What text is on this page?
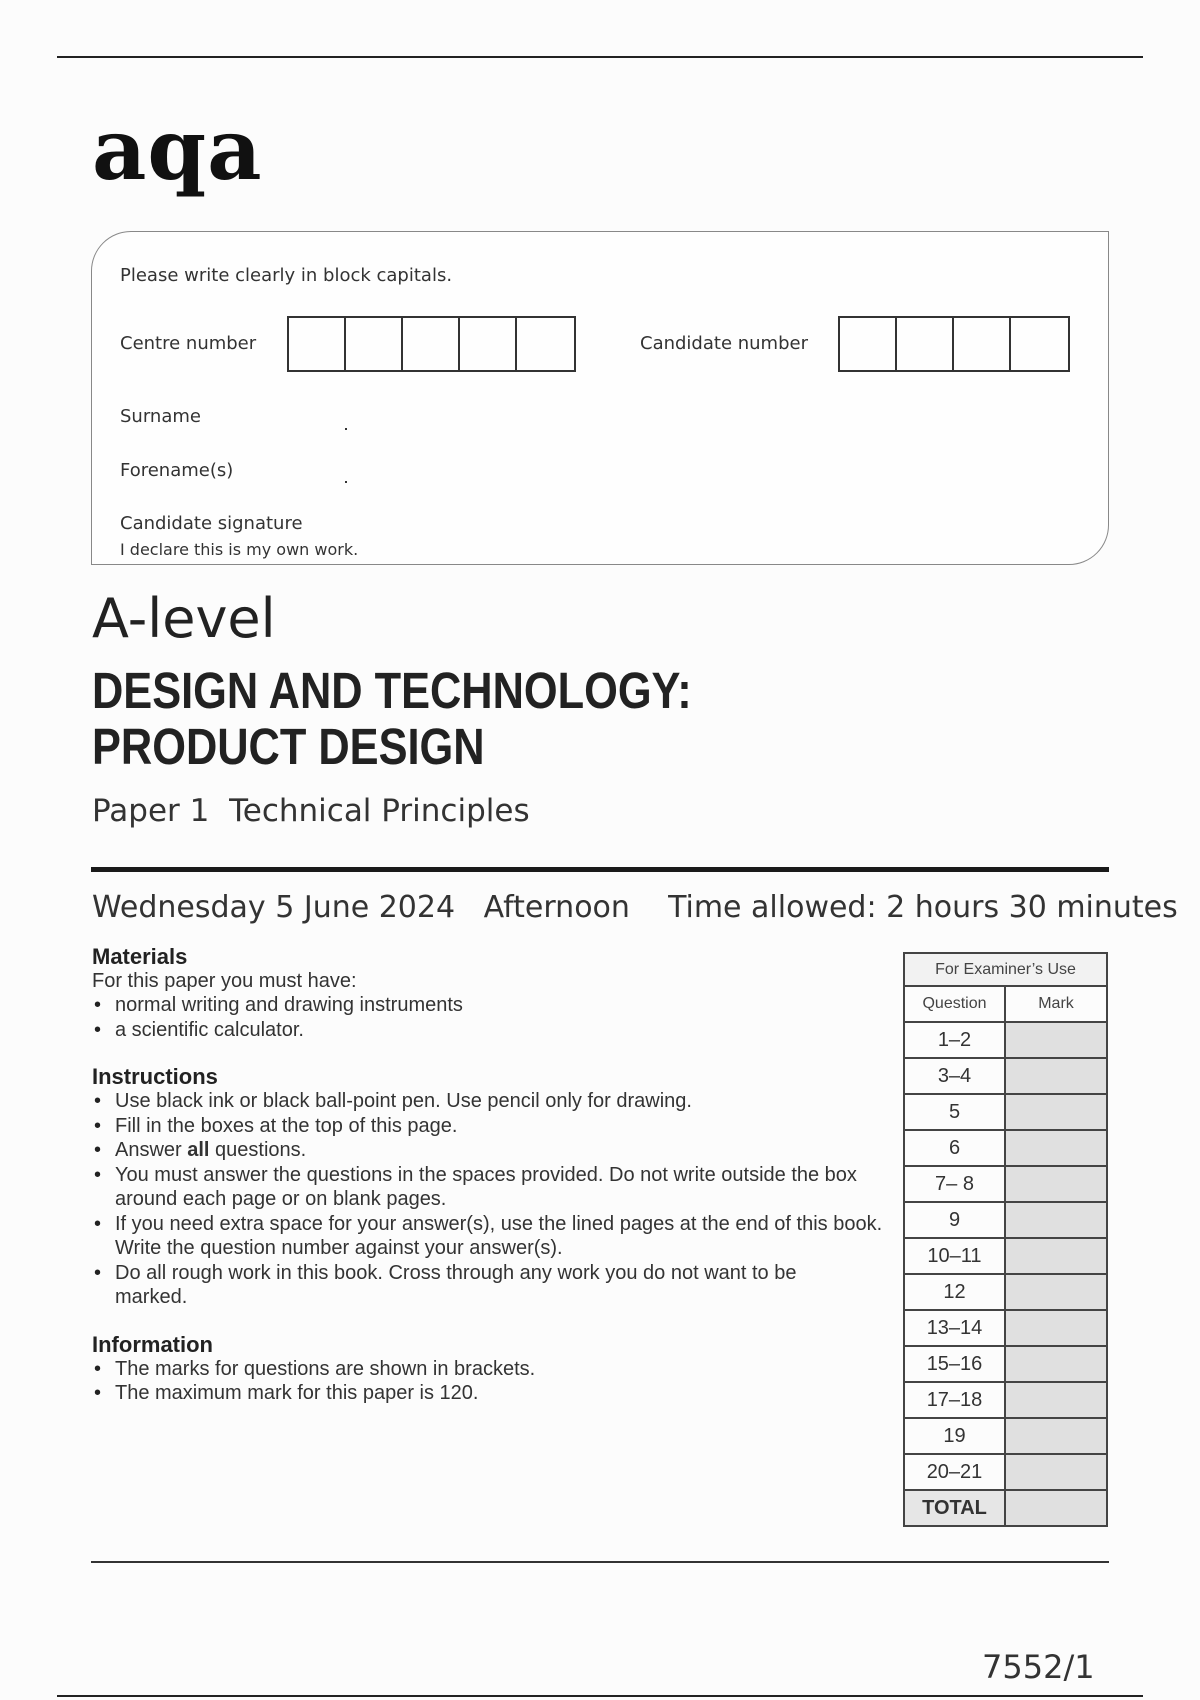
aqa
Please write clearly in block capitals.
Centre number	Candidate number
Surname
Forename(s)
Candidate signature
I declare this is my own work.
A-level
DESIGN AND TECHNOLOGY:
PRODUCT DESIGN
Paper 1  Technical Principles
Wednesday 5 June 2024 Afternoon Time allowed: 2 hours 30 minutes
Materials
For this paper you must have:
• normal writing and drawing instruments
• a scientific calculator.
Instructions
• Use black ink or black ball-point pen. Use pencil only for drawing.
• Fill in the boxes at the top of this page.
• Answer all questions.
• You must answer the questions in the spaces provided. Do not write outside the box around each page or on blank pages.
• If you need extra space for your answer(s), use the lined pages at the end of this book. Write the question number against your answer(s).
• Do all rough work in this book. Cross through any work you do not want to be marked.
Information
• The marks for questions are shown in brackets.
• The maximum mark for this paper is 120.
For Examiner’s Use	
Question	Mark
1–2	
3–4	
5	
6	
7– 8	
9	
10–11	
12	
13–14	
15–16	
17–18	
19	
20–21	
TOTAL	
7552/1
